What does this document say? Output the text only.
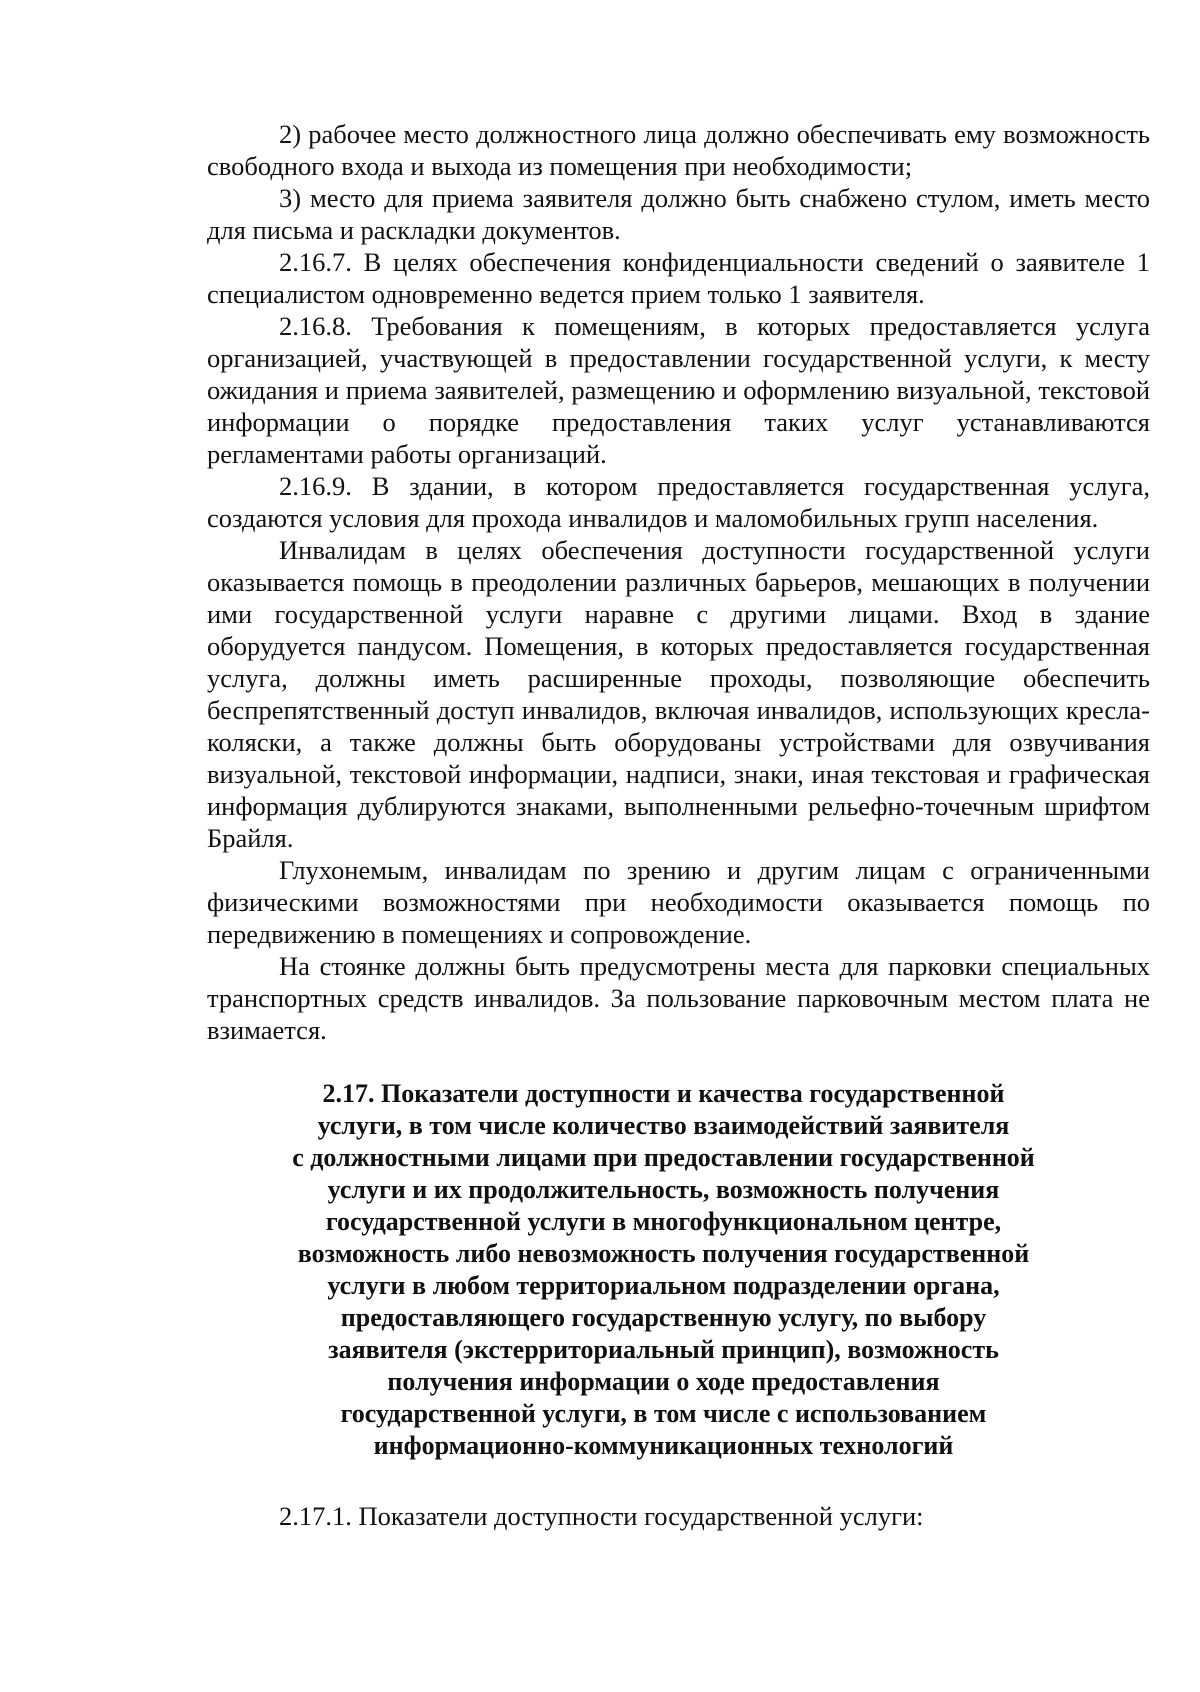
2) рабочее место должностного лица должно обеспечивать ему возможность свободного входа и выхода из помещения при необходимости;

3) место для приема заявителя должно быть снабжено стулом, иметь место для письма и раскладки документов.

2.16.7. В целях обеспечения конфиденциальности сведений о заявителе 1 специалистом одновременно ведется прием только 1 заявителя.

2.16.8. Требования к помещениям, в которых предоставляется услуга организацией, участвующей в предоставлении государственной услуги, к месту ожидания и приема заявителей, размещению и оформлению визуальной, текстовой информации о порядке предоставления таких услуг устанавливаются регламентами работы организаций.

2.16.9. В здании, в котором предоставляется государственная услуга, создаются условия для прохода инвалидов и маломобильных групп населения.

Инвалидам в целях обеспечения доступности государственной услуги оказывается помощь в преодолении различных барьеров, мешающих в получении ими государственной услуги наравне с другими лицами. Вход в здание оборудуется пандусом. Помещения, в которых предоставляется государственная услуга, должны иметь расширенные проходы, позволяющие обеспечить беспрепятственный доступ инвалидов, включая инвалидов, использующих кресла-коляски, а также должны быть оборудованы устройствами для озвучивания визуальной, текстовой информации, надписи, знаки, иная текстовая и графическая информация дублируются знаками, выполненными рельефно-точечным шрифтом Брайля.

Глухонемым, инвалидам по зрению и другим лицам с ограниченными физическими возможностями при необходимости оказывается помощь по передвижению в помещениях и сопровождение.

На стоянке должны быть предусмотрены места для парковки специальных транспортных средств инвалидов. За пользование парковочным местом плата не взимается.

2.17. Показатели доступности и качества государственной
услуги, в том числе количество взаимодействий заявителя
с должностными лицами при предоставлении государственной
услуги и их продолжительность, возможность получения
государственной услуги в многофункциональном центре,
возможность либо невозможность получения государственной
услуги в любом территориальном подразделении органа,
предоставляющего государственную услугу, по выбору
заявителя (экстерриториальный принцип), возможность
получения информации о ходе предоставления
государственной услуги, в том числе с использованием
информационно-коммуникационных технологий

2.17.1. Показатели доступности государственной услуги:
